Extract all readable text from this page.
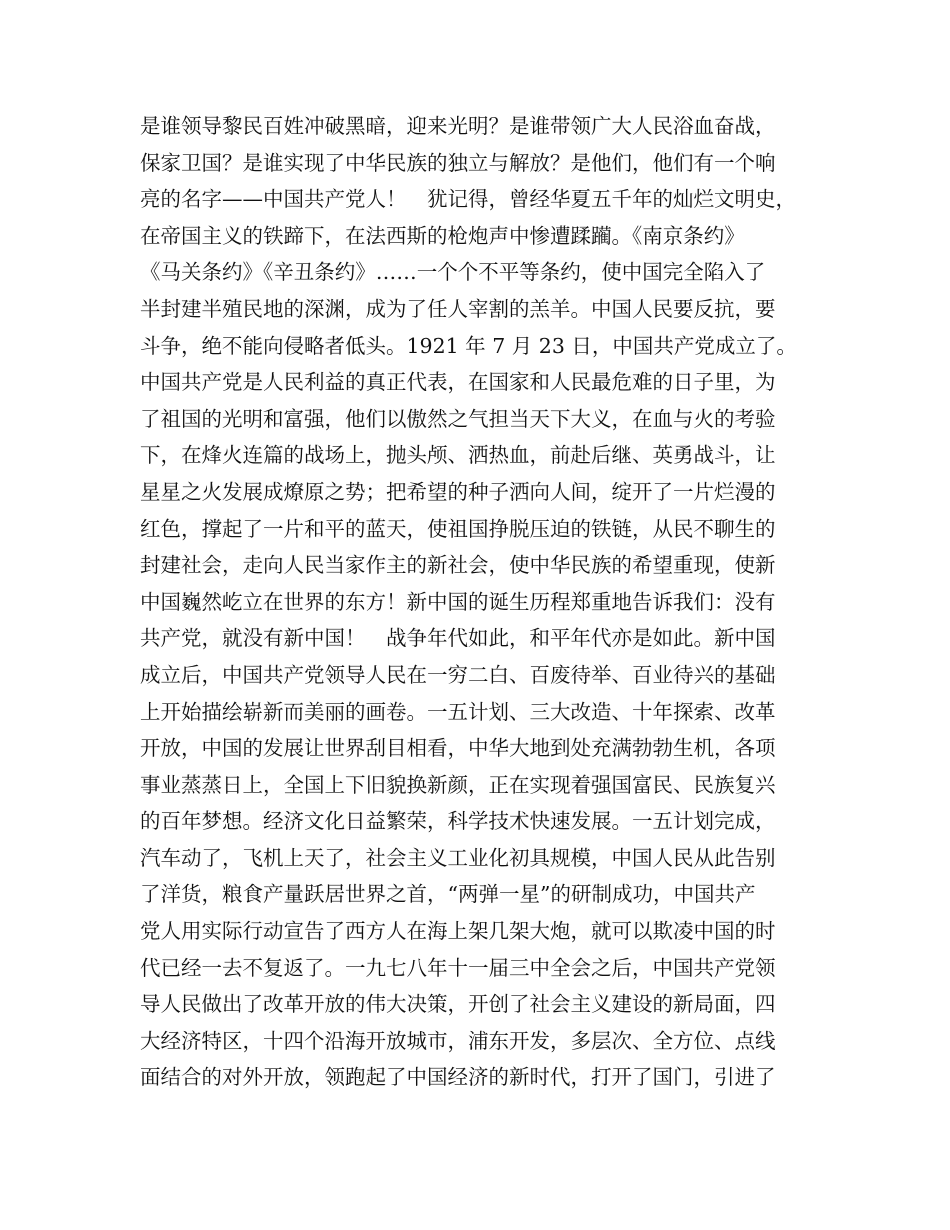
是谁领导黎民百姓冲破黑暗，迎来光明？是谁带领广大人民浴血奋战，
保家卫国？是谁实现了中华民族的独立与解放？是他们，他们有一个响
亮的名字——中国共产党人！　犹记得，曾经华夏五千年的灿烂文明史，
在帝国主义的铁蹄下，在法西斯的枪炮声中惨遭蹂躏。《南京条约》
《马关条约》《辛丑条约》……一个个不平等条约，使中国完全陷入了
半封建半殖民地的深渊，成为了任人宰割的羔羊。中国人民要反抗，要
斗争，绝不能向侵略者低头。1921 年 7 月 23 日，中国共产党成立了。
中国共产党是人民利益的真正代表，在国家和人民最危难的日子里，为
了祖国的光明和富强，他们以傲然之气担当天下大义，在血与火的考验
下，在烽火连篇的战场上，抛头颅、洒热血，前赴后继、英勇战斗，让
星星之火发展成燎原之势；把希望的种子洒向人间，绽开了一片烂漫的
红色，撑起了一片和平的蓝天，使祖国挣脱压迫的铁链，从民不聊生的
封建社会，走向人民当家作主的新社会，使中华民族的希望重现，使新
中国巍然屹立在世界的东方！新中国的诞生历程郑重地告诉我们：没有
共产党，就没有新中国！　战争年代如此，和平年代亦是如此。新中国
成立后，中国共产党领导人民在一穷二白、百废待举、百业待兴的基础
上开始描绘崭新而美丽的画卷。一五计划、三大改造、十年探索、改革
开放，中国的发展让世界刮目相看，中华大地到处充满勃勃生机，各项
事业蒸蒸日上，全国上下旧貌换新颜，正在实现着强国富民、民族复兴
的百年梦想。经济文化日益繁荣，科学技术快速发展。一五计划完成，
汽车动了，飞机上天了，社会主义工业化初具规模，中国人民从此告别
了洋货，粮食产量跃居世界之首，“两弹一星”的研制成功，中国共产
党人用实际行动宣告了西方人在海上架几架大炮，就可以欺凌中国的时
代已经一去不复返了。一九七八年十一届三中全会之后，中国共产党领
导人民做出了改革开放的伟大决策，开创了社会主义建设的新局面，四
大经济特区，十四个沿海开放城市，浦东开发，多层次、全方位、点线
面结合的对外开放，领跑起了中国经济的新时代，打开了国门，引进了
